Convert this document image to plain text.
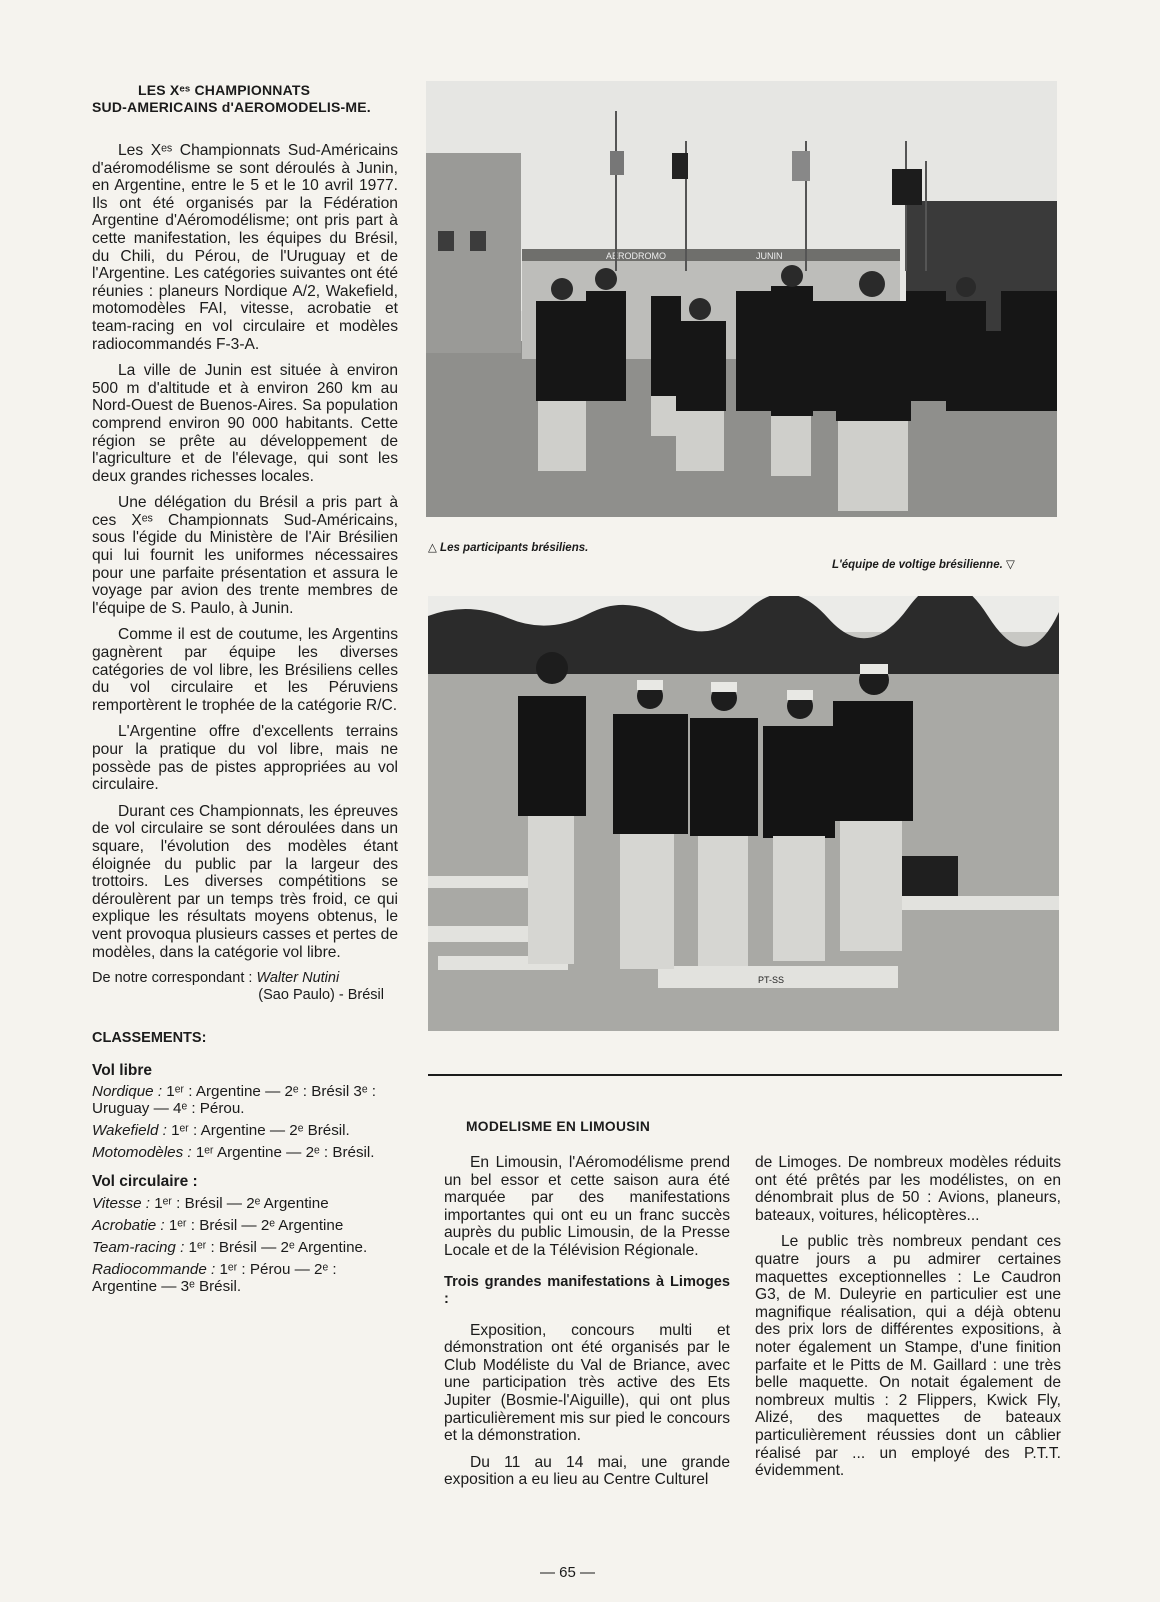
LES Xᵉˢ CHAMPIONNATS
SUD-AMERICAINS d'AEROMODELIS-ME.

Les Xᵉˢ Championnats Sud-Américains d'aéromodélisme se sont déroulés à Junin, en Argentine, entre le 5 et le 10 avril 1977. Ils ont été organisés par la Fédération Argentine d'Aéromodélisme; ont pris part à cette manifestation, les équipes du Brésil, du Chili, du Pérou, de l'Uruguay et de l'Argentine. Les catégories suivantes ont été réunies : planeurs Nordique A/2, Wakefield, motomodèles FAI, vitesse, acrobatie et team-racing en vol circulaire et modèles radiocommandés F-3-A.

La ville de Junin est située à environ 500 m d'altitude et à environ 260 km au Nord-Ouest de Buenos-Aires. Sa population comprend environ 90 000 habitants. Cette région se prête au développement de l'agriculture et de l'élevage, qui sont les deux grandes richesses locales.

Une délégation du Brésil a pris part à ces Xᵉˢ Championnats Sud-Américains, sous l'égide du Ministère de l'Air Brésilien qui lui fournit les uniformes nécessaires pour une parfaite présentation et assura le voyage par avion des trente membres de l'équipe de S. Paulo, à Junin.

Comme il est de coutume, les Argentins gagnèrent par équipe les diverses catégories de vol libre, les Brésiliens celles du vol circulaire et les Péruviens remportèrent le trophée de la catégorie R/C.

L'Argentine offre d'excellents terrains pour la pratique du vol libre, mais ne possède pas de pistes appropriées au vol circulaire.

Durant ces Championnats, les épreuves de vol circulaire se sont déroulées dans un square, l'évolution des modèles étant éloignée du public par la largeur des trottoirs. Les diverses compétitions se déroulèrent par un temps très froid, ce qui explique les résultats moyens obtenus, le vent provoqua plusieurs casses et pertes de modèles, dans la catégorie vol libre.

De notre correspondant : Walter Nutini
(Sao Paulo) - Brésil
CLASSEMENTS:
Vol libre
Nordique : 1ᵉʳ : Argentine — 2ᵉ : Brésil 3ᵉ : Uruguay — 4ᵉ : Pérou.
Wakefield : 1ᵉʳ : Argentine — 2ᵉ Brésil.
Motomodèles : 1ᵉʳ Argentine — 2ᵉ : Brésil.
Vol circulaire :
Vitesse : 1ᵉʳ : Brésil — 2ᵉ Argentine
Acrobatie : 1ᵉʳ : Brésil — 2ᵉ Argentine
Team-racing : 1ᵉʳ : Brésil — 2ᵉ Argentine.
Radiocommande : 1ᵉʳ : Pérou — 2ᵉ : Argentine — 3ᵉ Brésil.
AERODROMO	JUNIN
△ Les participants brésiliens.
L'équipe de voltige brésilienne. ▽
PT-SS
MODELISME EN LIMOUSIN

En Limousin, l'Aéromodélisme prend un bel essor et cette saison aura été marquée par des manifestations importantes qui ont eu un franc succès auprès du public Limousin, de la Presse Locale et de la Télévision Régionale.

Trois grandes manifestations à Limoges :

Exposition, concours multi et démonstration ont été organisés par le Club Modéliste du Val de Briance, avec une participation très active des Ets Jupiter (Bosmie-l'Aiguille), qui ont plus particulièrement mis sur pied le concours et la démonstration.

Du 11 au 14 mai, une grande exposition a eu lieu au Centre Culturel

de Limoges. De nombreux modèles réduits ont été prêtés par les modélistes, on en dénombrait plus de 50 : Avions, planeurs, bateaux, voitures, hélicoptères...

Le public très nombreux pendant ces quatre jours a pu admirer certaines maquettes exceptionnelles : Le Caudron G3, de M. Duleyrie en particulier est une magnifique réalisation, qui a déjà obtenu des prix lors de différentes expositions, à noter également un Stampe, d'une finition parfaite et le Pitts de M. Gaillard : une très belle maquette. On notait également de nombreux multis : 2 Flippers, Kwick Fly, Alizé, des maquettes de bateaux particulièrement réussies dont un câblier réalisé par ... un employé des P.T.T. évidemment.

— 65 —
